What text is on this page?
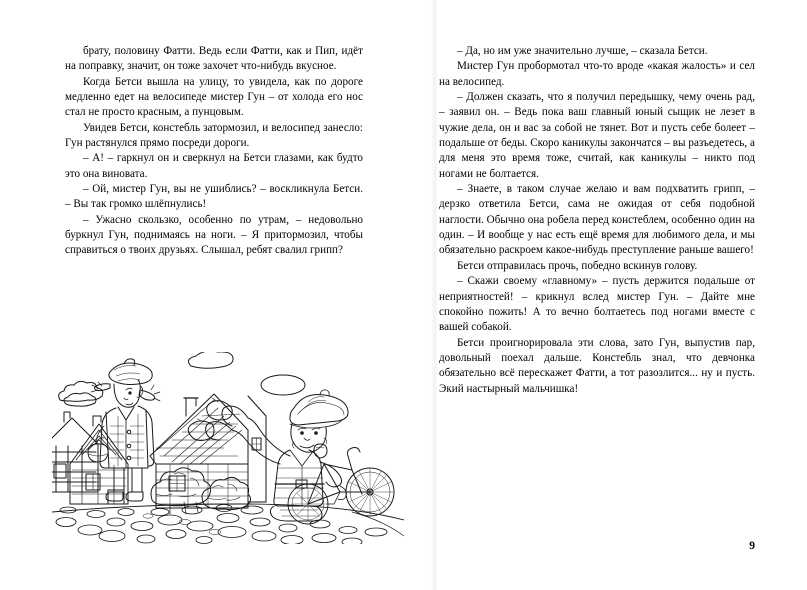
брату, половину Фатти. Ведь если Фатти, как и Пип, идёт на поправку, значит, он тоже захочет что-нибудь вкусное.

Когда Бетси вышла на улицу, то увидела, как по дороге медленно едет на велосипеде мистер Гун – от холода его нос стал не просто красным, а пунцовым.

Увидев Бетси, констебль затормозил, и велосипед занесло: Гун растянулся прямо посреди дороги.

– А! – гаркнул он и сверкнул на Бетси глазами, как будто это она виновата.

– Ой, мистер Гун, вы не ушиблись? – воскликнула Бетси. – Вы так громко шлёпнулись!

– Ужасно скользко, особенно по утрам, – недовольно буркнул Гун, поднимаясь на ноги. – Я притормозил, чтобы справиться о твоих друзьях. Слышал, ребят свалил грипп?

– Да, но им уже значительно лучше, – сказала Бетси.

Мистер Гун пробормотал что-то вроде «какая жалость» и сел на велосипед.

– Должен сказать, что я получил передышку, чему очень рад, – заявил он. – Ведь пока ваш главный юный сыщик не лезет в чужие дела, он и вас за собой не тянет. Вот и пусть себе болеет – подальше от беды. Скоро каникулы закончатся – вы разъедетесь, а для меня это время тоже, считай, как каникулы – никто под ногами не болтается.

– Знаете, в таком случае желаю и вам подхватить грипп, – дерзко ответила Бетси, сама не ожидая от себя подобной наглости. Обычно она робела перед констеблем, особенно один на один. – И вообще у нас есть ещё время для любимого дела, и мы обязательно раскроем какое-нибудь преступление раньше вашего!

Бетси отправилась прочь, победно вскинув голову.

– Скажи своему «главному» – пусть держится подальше от неприятностей! – крикнул вслед мистер Гун. – Дайте мне спокойно пожить! А то вечно болтаетесь под ногами вместе с вашей собакой.

Бетси проигнорировала эти слова, зато Гун, выпустив пар, довольный поехал дальше. Констебль знал, что девчонка обязательно всё перескажет Фатти, а тот разозлится... ну и пусть. Экий настырный мальчишка!

9
